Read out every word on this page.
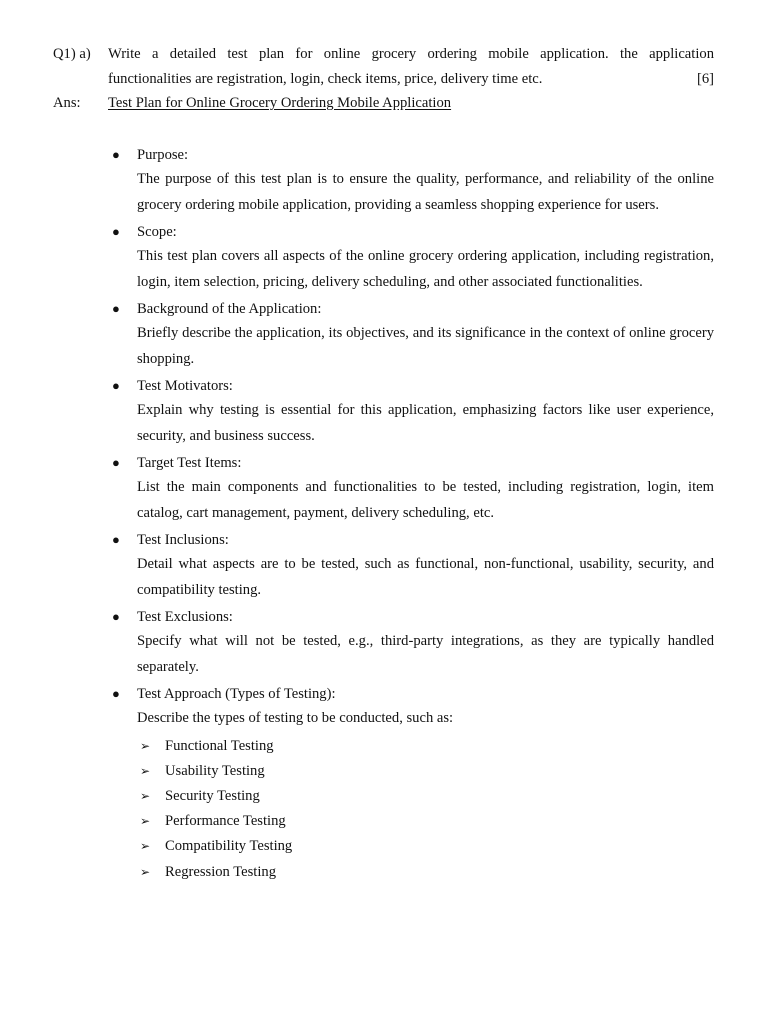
Q1) a) Write a detailed test plan for online grocery ordering mobile application. the application
functionalities are registration, login, check items, price, delivery time etc.	[6]
Ans: Test Plan for Online Grocery Ordering Mobile Application
●	Purpose:
The purpose of this test plan is to ensure the quality, performance, and reliability of the online grocery ordering mobile application, providing a seamless shopping experience for users.
●	Scope:
This test plan covers all aspects of the online grocery ordering application, including registration, login, item selection, pricing, delivery scheduling, and other associated functionalities.
●	Background of the Application:
Briefly describe the application, its objectives, and its significance in the context of online grocery shopping.
●	Test Motivators:
Explain why testing is essential for this application, emphasizing factors like user experience, security, and business success.
●	Target Test Items:
List the main components and functionalities to be tested, including registration, login, item catalog, cart management, payment, delivery scheduling, etc.
●	Test Inclusions:
Detail what aspects are to be tested, such as functional, non-functional, usability, security, and compatibility testing.
●	Test Exclusions:
Specify what will not be tested, e.g., third-party integrations, as they are typically handled separately.
●	Test Approach (Types of Testing):
Describe the types of testing to be conducted, such as:
➢ Functional Testing
➢ Usability Testing
➢ Security Testing
➢ Performance Testing
➢ Compatibility Testing
➢ Regression Testing
